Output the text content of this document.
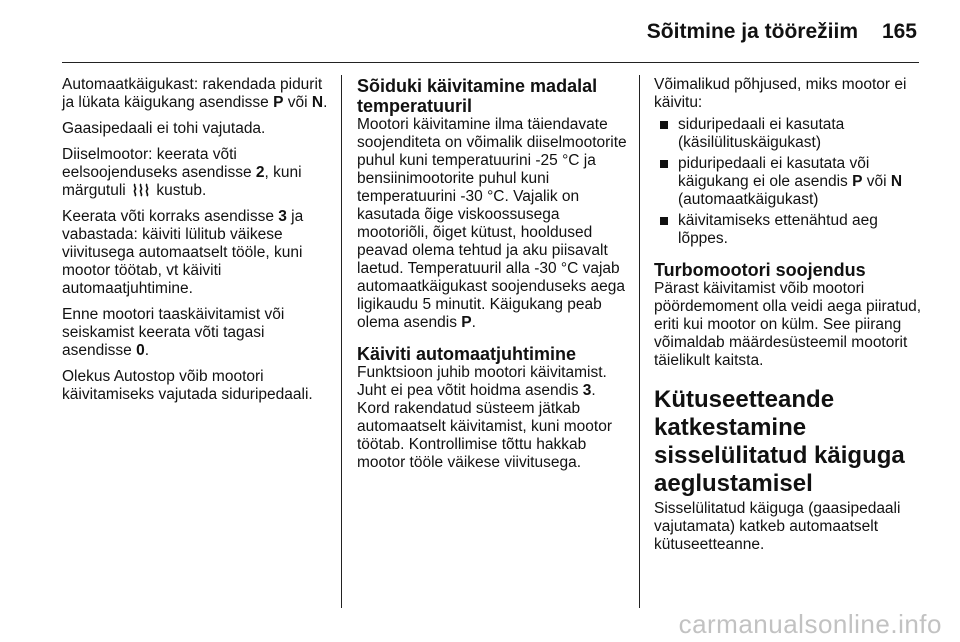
Sõitmine ja töörežiim 165

Automaatkäigukast: rakendada pidurit ja lükata käigukang asendisse P või N.

Gaasipedaali ei tohi vajutada.

Diiselmootor: keerata võti eelsoojenduseks asendisse 2, kuni märgutuli  kustub.

Keerata võti korraks asendisse 3 ja vabastada: käiviti lülitub väikese viivitusega automaatselt tööle, kuni mootor töötab, vt käiviti automaatjuhtimine.

Enne mootori taaskäivitamist või seiskamist keerata võti tagasi asendisse 0.

Olekus Autostop võib mootori käivitamiseks vajutada siduripedaali.

Sõiduki käivitamine madalal temperatuuril

Mootori käivitamine ilma täiendavate soojenditeta on võimalik diiselmootorite puhul kuni temperatuurini -25 °C ja bensiinimootorite puhul kuni temperatuurini -30 °C. Vajalik on kasutada õige viskoossusega mootoriõli, õiget kütust, hooldused peavad olema tehtud ja aku piisavalt laetud. Temperatuuril alla -30 °C vajab automaatkäigukast soojenduseks aega ligikaudu 5 minutit. Käigukang peab olema asendis P.

Käiviti automaatjuhtimine

Funktsioon juhib mootori käivitamist. Juht ei pea võtit hoidma asendis 3. Kord rakendatud süsteem jätkab automaatselt käivitamist, kuni mootor töötab. Kontrollimise tõttu hakkab mootor tööle väikese viivitusega.

Võimalikud põhjused, miks mootor ei käivitu:

siduripedaali ei kasutata (käsilülituskäigukast)
piduripedaali ei kasutata või käigukang ei ole asendis P või N (automaatkäigukast)
käivitamiseks ettenähtud aeg lõppes.
Turbomootori soojendus

Pärast käivitamist võib mootori pöördemoment olla veidi aega piiratud, eriti kui mootor on külm. See piirang võimaldab määrdesüsteemil mootorit täielikult kaitsta.

Kütuseetteande katkestamine sisselülitatud käiguga aeglustamisel

Sisselülitatud käiguga (gaasipedaali vajutamata) katkeb automaatselt kütuseetteanne.

carmanualsonline.info
